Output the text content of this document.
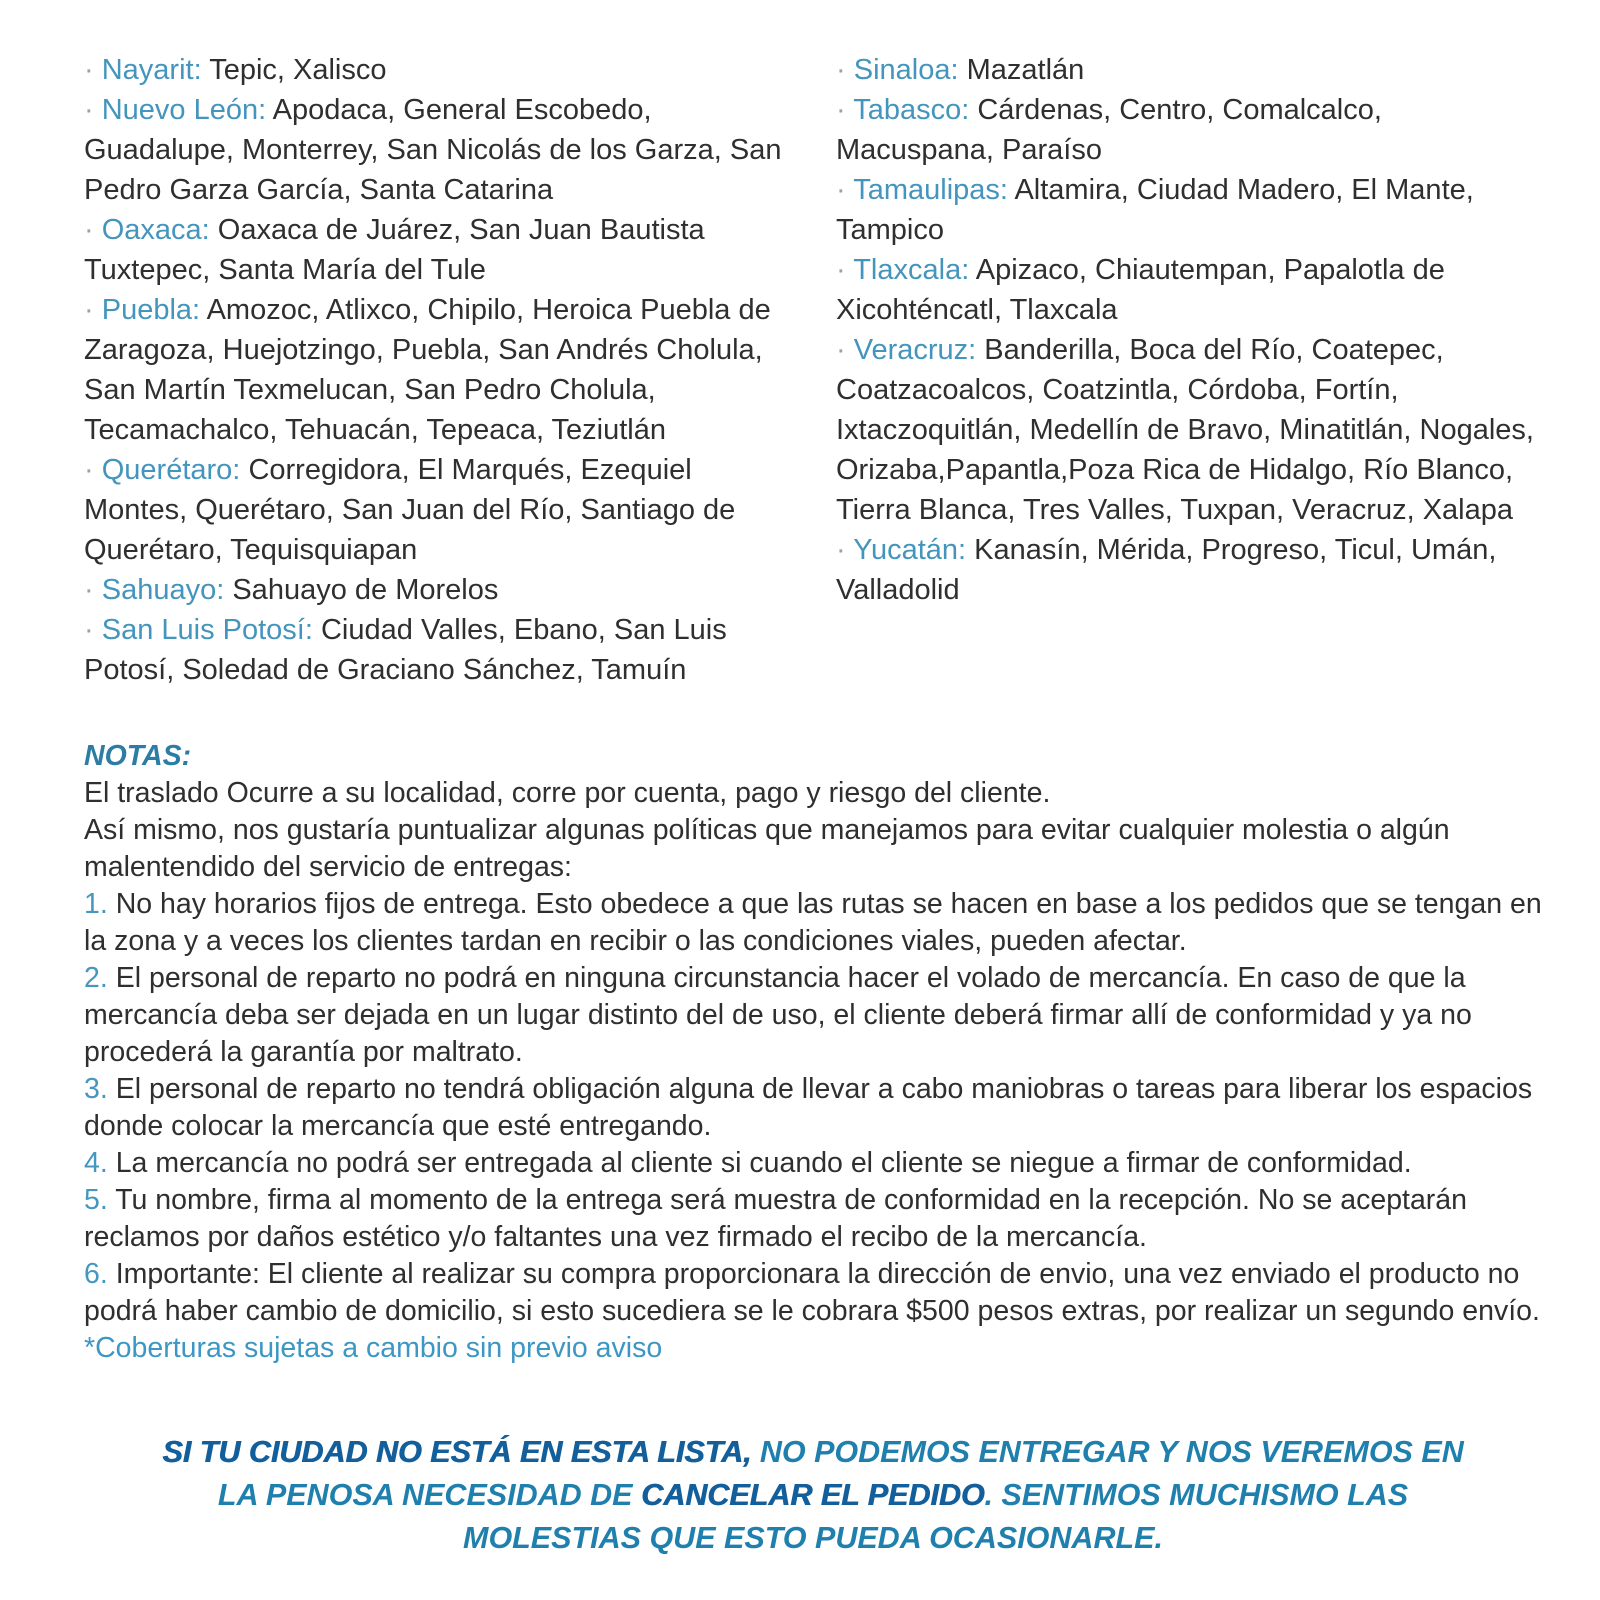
· Nayarit: Tepic, Xalisco

· Nuevo León: Apodaca, General Escobedo, Guadalupe, Monterrey, San Nicolás de los Garza, San Pedro Garza García, Santa Catarina

· Oaxaca: Oaxaca de Juárez, San Juan Bautista Tuxtepec, Santa María del Tule

· Puebla: Amozoc, Atlixco, Chipilo, Heroica Puebla de Zaragoza, Huejotzingo, Puebla, San Andrés Cholula, San Martín Texmelucan, San Pedro Cholula, Tecamachalco, Tehuacán, Tepeaca, Teziutlán

· Querétaro: Corregidora, El Marqués, Ezequiel Montes, Querétaro, San Juan del Río, Santiago de Querétaro, Tequisquiapan

· Sahuayo: Sahuayo de Morelos

· San Luis Potosí: Ciudad Valles, Ebano, San Luis Potosí, Soledad de Graciano Sánchez, Tamuín

· Sinaloa: Mazatlán

· Tabasco: Cárdenas, Centro, Comalcalco, Macuspana, Paraíso

· Tamaulipas: Altamira, Ciudad Madero, El Mante, Tampico

· Tlaxcala: Apizaco, Chiautempan, Papalotla de Xicohténcatl, Tlaxcala

· Veracruz: Banderilla, Boca del Río, Coatepec, Coatzacoalcos, Coatzintla, Córdoba, Fortín, Ixtaczoquitlán, Medellín de Bravo, Minatitlán, Nogales, Orizaba,Papantla,Poza Rica de Hidalgo, Río Blanco, Tierra Blanca, Tres Valles, Tuxpan, Veracruz, Xalapa

· Yucatán: Kanasín, Mérida, Progreso, Ticul, Umán, Valladolid

NOTAS:

El traslado Ocurre a su localidad, corre por cuenta, pago y riesgo del cliente.

Así mismo, nos gustaría puntualizar algunas políticas que manejamos para evitar cualquier molestia o algún malentendido del servicio de entregas:

1. No hay horarios fijos de entrega. Esto obedece a que las rutas se hacen en base a los pedidos que se tengan en la zona y a veces los clientes tardan en recibir o las condiciones viales, pueden afectar.

2. El personal de reparto no podrá en ninguna circunstancia hacer el volado de mercancía. En caso de que la mercancía deba ser dejada en un lugar distinto del de uso, el cliente deberá firmar allí de conformidad y ya no procederá la garantía por maltrato.

3. El personal de reparto no tendrá obligación alguna de llevar a cabo maniobras o tareas para liberar los espacios donde colocar la mercancía que esté entregando.

4. La mercancía no podrá ser entregada al cliente si cuando el cliente se niegue a firmar de conformidad.

5. Tu nombre, firma al momento de la entrega será muestra de conformidad en la recepción. No se aceptarán reclamos por daños estético y/o faltantes una vez firmado el recibo de la mercancía.

6. Importante: El cliente al realizar su compra proporcionara la dirección de envio, una vez enviado el producto no podrá haber cambio de domicilio, si esto sucediera se le cobrara $500 pesos extras, por realizar un segundo envío.

*Coberturas sujetas a cambio sin previo aviso

SI TU CIUDAD NO ESTÁ EN ESTA LISTA, NO PODEMOS ENTREGAR Y NOS VEREMOS EN LA PENOSA NECESIDAD DE CANCELAR EL PEDIDO. SENTIMOS MUCHISMO LAS MOLESTIAS QUE ESTO PUEDA OCASIONARLE.
